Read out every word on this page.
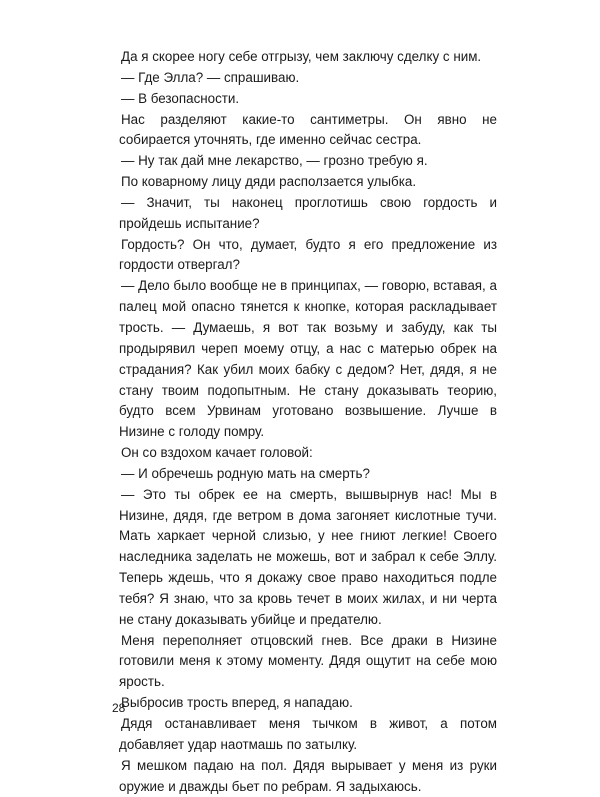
Да я скорее ногу себе отгрызу, чем заключу сделку с ним.

— Где Элла? — спрашиваю.

— В безопасности.

Нас разделяют какие-то сантиметры. Он явно не собирается уточнять, где именно сейчас сестра.

— Ну так дай мне лекарство, — грозно требую я.

По коварному лицу дяди расползается улыбка.

— Значит, ты наконец проглотишь свою гордость и пройдешь испытание?

Гордость? Он что, думает, будто я его предложение из гордости отвергал?

— Дело было вообще не в принципах, — говорю, вставая, а палец мой опасно тянется к кнопке, которая раскладывает трость. — Думаешь, я вот так возьму и забуду, как ты продырявил череп моему отцу, а нас с матерью обрек на страдания? Как убил моих бабку с дедом? Нет, дядя, я не стану твоим подопытным. Не стану доказывать теорию, будто всем Урвинам уготовано возвышение. Лучше в Низине с голоду помру.

Он со вздохом качает головой:

— И обречешь родную мать на смерть?

— Это ты обрек ее на смерть, вышвырнув нас! Мы в Низине, дядя, где ветром в дома загоняет кислотные тучи. Мать харкает черной слизью, у нее гниют легкие! Своего наследника заделать не можешь, вот и забрал к себе Эллу. Теперь ждешь, что я докажу свое право находиться подле тебя? Я знаю, что за кровь течет в моих жилах, и ни черта не стану доказывать убийце и предателю.

Меня переполняет отцовский гнев. Все драки в Низине готовили меня к этому моменту. Дядя ощутит на себе мою ярость.

Выбросив трость вперед, я нападаю.

Дядя останавливает меня тычком в живот, а потом добавляет удар наотмашь по затылку.

Я мешком падаю на пол. Дядя вырывает у меня из руки оружие и дважды бьет по ребрам. Я задыхаюсь.

28
